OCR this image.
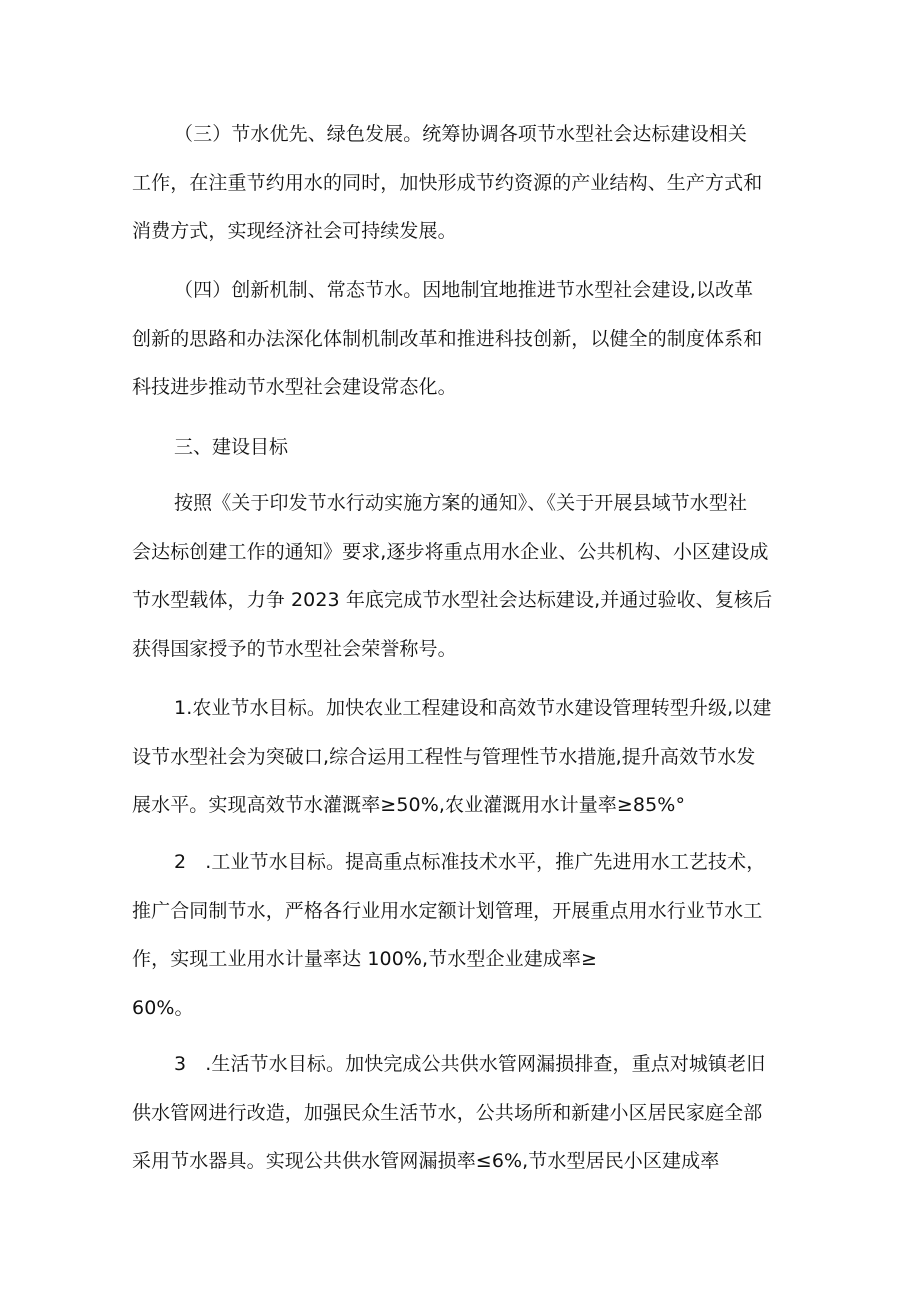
（三）节水优先、绿色发展。统筹协调各项节水型社会达标建设相关
工作，在注重节约用水的同时，加快形成节约资源的产业结构、生产方式和
消费方式，实现经济社会可持续发展。
（四）创新机制、常态节水。因地制宜地推进节水型社会建设,以改革
创新的思路和办法深化体制机制改革和推进科技创新，以健全的制度体系和
科技进步推动节水型社会建设常态化。
三、建设目标
按照《关于印发节水行动实施方案的通知》、《关于开展县域节水型社
会达标创建工作的通知》要求,逐步将重点用水企业、公共机构、小区建设成
节水型载体，力争 2023 年底完成节水型社会达标建设,并通过验收、复核后
获得国家授予的节水型社会荣誉称号。
1.农业节水目标。加快农业工程建设和高效节水建设管理转型升级,以建
设节水型社会为突破口,综合运用工程性与管理性节水措施,提升高效节水发
展水平。实现高效节水灌溉率≥50%,农业灌溉用水计量率≥85%°
2　.工业节水目标。提高重点标准技术水平，推广先进用水工艺技术，
推广合同制节水，严格各行业用水定额计划管理，开展重点用水行业节水工
作，实现工业用水计量率达 100%,节水型企业建成率≥
60%。
3　.生活节水目标。加快完成公共供水管网漏损排查，重点对城镇老旧
供水管网进行改造，加强民众生活节水，公共场所和新建小区居民家庭全部
采用节水器具。实现公共供水管网漏损率≤6%,节水型居民小区建成率
